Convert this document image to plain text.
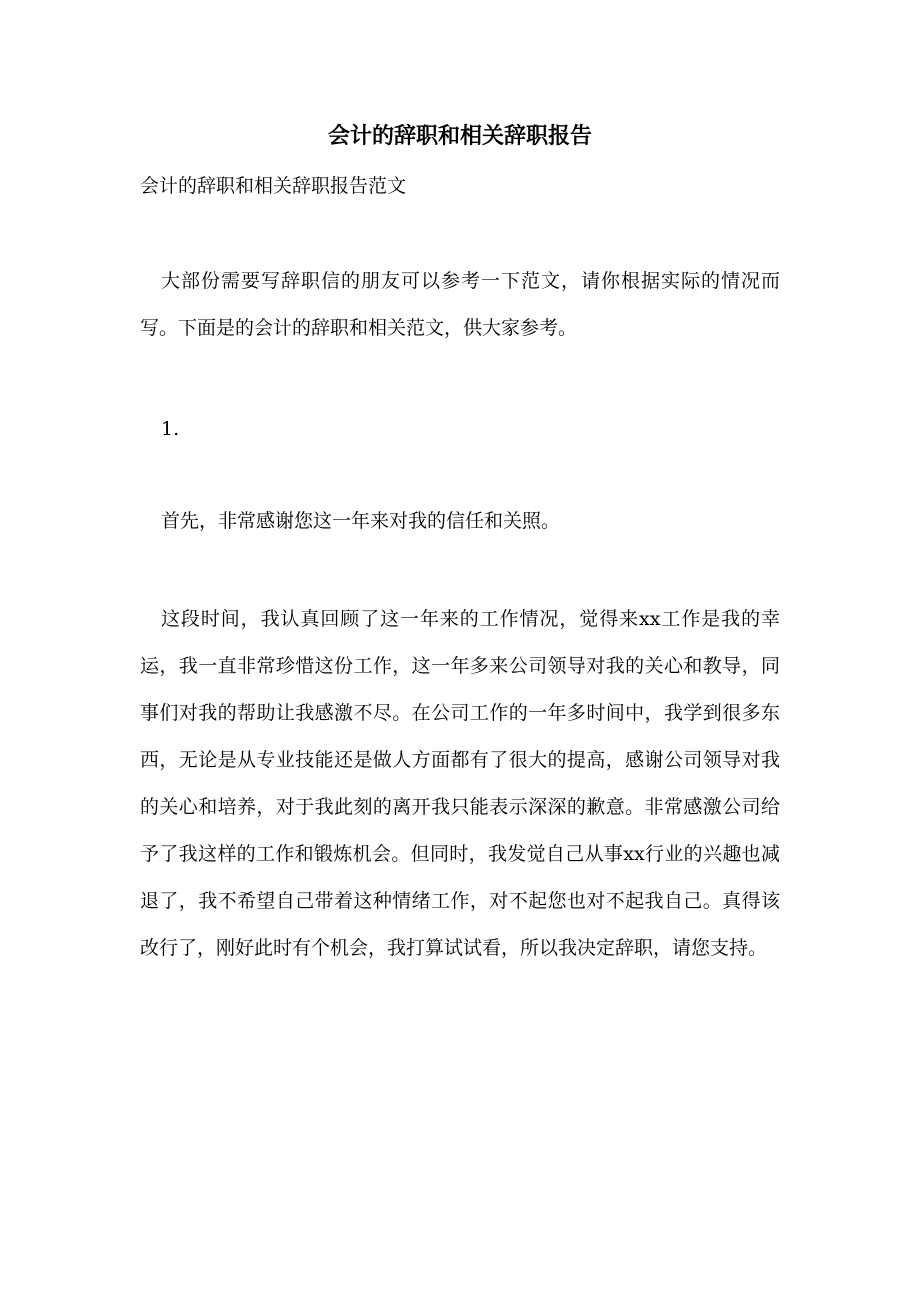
会计的辞职和相关辞职报告

会计的辞职和相关辞职报告范文

大部份需要写辞职信的朋友可以参考一下范文，请你根据实际的情况而写。下面是的会计的辞职和相关范文，供大家参考。

1.

首先，非常感谢您这一年来对我的信任和关照。

这段时间，我认真回顾了这一年来的工作情况，觉得来xx工作是我的幸运，我一直非常珍惜这份工作，这一年多来公司领导对我的关心和教导，同事们对我的帮助让我感激不尽。在公司工作的一年多时间中，我学到很多东西，无论是从专业技能还是做人方面都有了很大的提高，感谢公司领导对我的关心和培养，对于我此刻的离开我只能表示深深的歉意。非常感激公司给予了我这样的工作和锻炼机会。但同时，我发觉自己从事xx行业的兴趣也减退了，我不希望自己带着这种情绪工作，对不起您也对不起我自己。真得该改行了，刚好此时有个机会，我打算试试看，所以我决定辞职，请您支持。
